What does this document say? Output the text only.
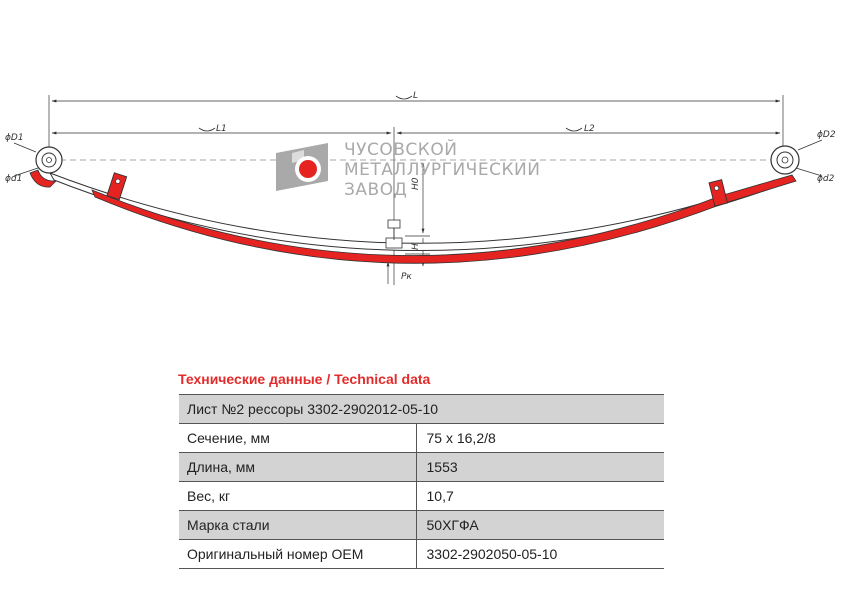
L
L1	L2
ϕD1
ϕd1
ϕD2
ϕd2
H0
H
Pк
ЧУСОВСКОЙ
МЕТАЛЛУРГИЧЕСКИЙ
ЗАВОД
Технические данные / Technical data
Лист №2 рессоры 3302-2902012-05-10	
Сечение, мм	75 х 16,2/8
Длина, мм	1553
Вес, кг	10,7
Марка стали	50ХГФА
Оригинальный номер OEM	3302-2902050-05-10
